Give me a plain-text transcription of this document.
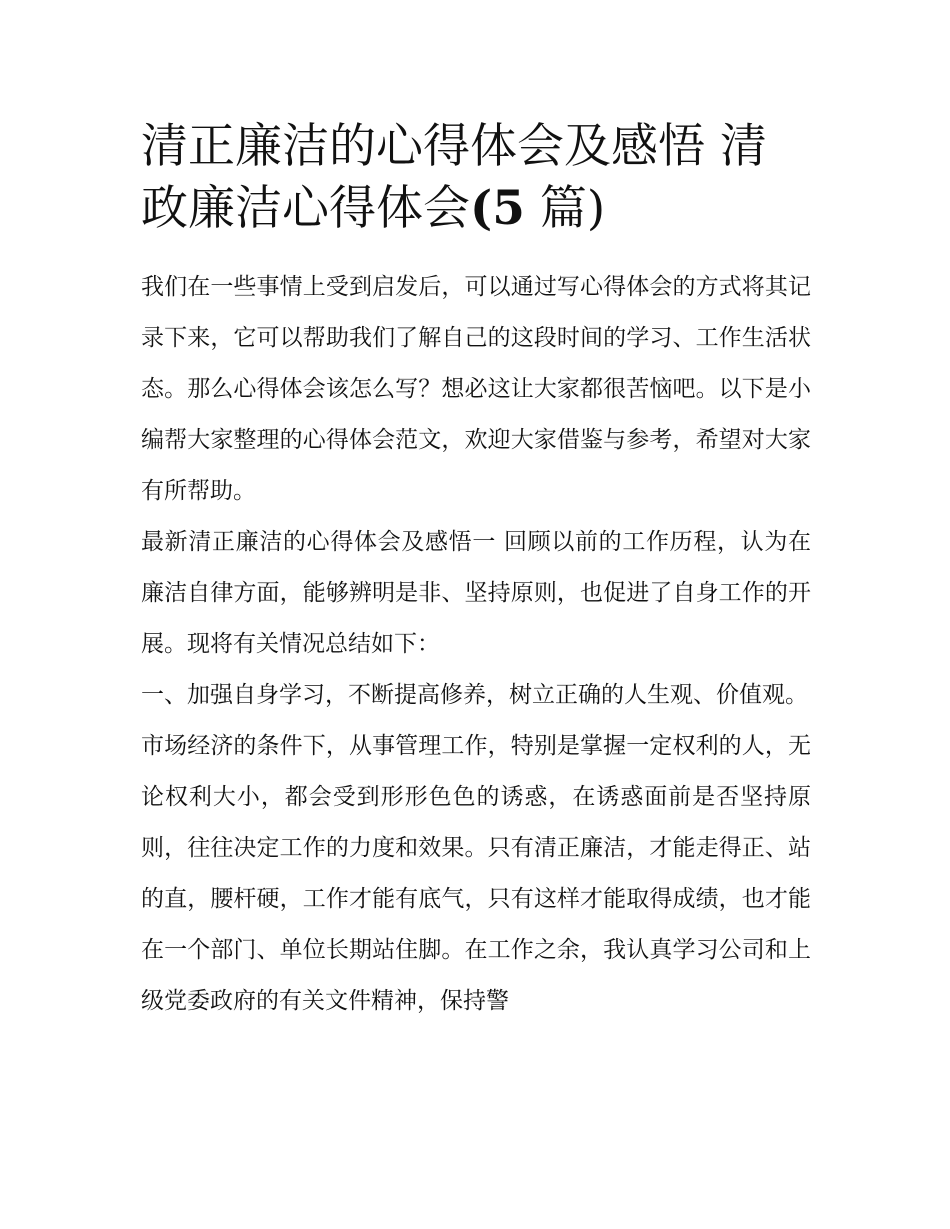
清正廉洁的心得体会及感悟 清政廉洁心得体会(5 篇)

我们在一些事情上受到启发后，可以通过写心得体会的方式将其记录下来，它可以帮助我们了解自己的这段时间的学习、工作生活状态。那么心得体会该怎么写？想必这让大家都很苦恼吧。以下是小编帮大家整理的心得体会范文，欢迎大家借鉴与参考，希望对大家有所帮助。

最新清正廉洁的心得体会及感悟一 回顾以前的工作历程，认为在廉洁自律方面，能够辨明是非、坚持原则，也促进了自身工作的开展。现将有关情况总结如下：

一、加强自身学习，不断提高修养，树立正确的人生观、价值观。

市场经济的条件下，从事管理工作，特别是掌握一定权利的人，无论权利大小，都会受到形形色色的诱惑，在诱惑面前是否坚持原则，往往决定工作的力度和效果。只有清正廉洁，才能走得正、站的直，腰杆硬，工作才能有底气，只有这样才能取得成绩，也才能在一个部门、单位长期站住脚。在工作之余，我认真学习公司和上级党委政府的有关文件精神，保持警
